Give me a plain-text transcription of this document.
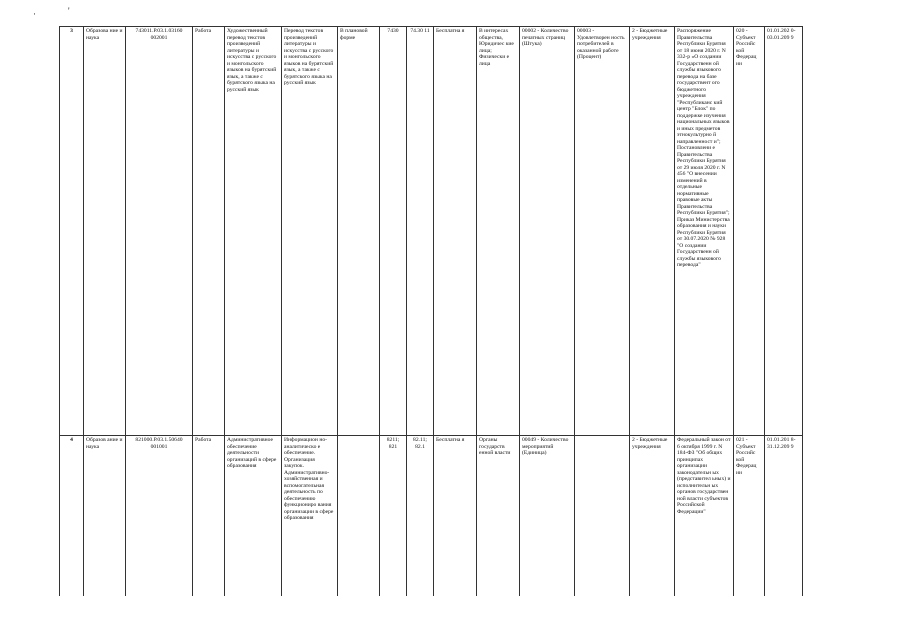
·	'
3	Образова ние и наука	743011.Р.03.1.03160 002001	Работа	Художественный перевод текстов произведений литературы и искусства с русского и монгольского языков на бурятский язык, а также с бурятского языка на русский язык	Перевод текстов произведений литературы и искусства с русского и монгольского языков на бурятский язык, а также с бурятского языка на русский язык	В плановой форме	7430	74.30 11	Бесплатна я	В интересах общества, Юридичес кие лица; Физически е лица	00002 - Количество печатных страниц (Штука)	00003 - Удовлетворен ность потребителей в оказанной работе (Процент)	2 - Бюджетные учреждения	Распоряжение Правительства Республики Бурятия от 18 июня 2020 г. N 332-р «О создании Государственн ой службы языкового перевода на базе государствент ого бюджетного учреждения "Республиканс кий центр "Блок" по поддержке изучения национальных языков и иных предметов этнокультурно й направленност и"; Постановлени е Правительства Республики Бурятия от 29 июля 2020 г. N 456 "О внесении изменений в отдельные нормативные правовые акты Правительства Республики Бурятия"; Приказ Министерства образования и науки Республики Бурятия от 30.07.2020 № 928 "О создании Государственн ой службы языкового перевода"	020 - Субъект Российс кой Федерац ии	01.01.202 0- 03.01.209 9
4	Образов ание и наука	821000.Р.03.1.50640 001001	Работа	Административное обеспечение деятельности организаций в сфере образования	Информацион но-аналитическо е обеспечение. Организация закупок. Административно-хозяйственная и вспомогательная деятельность по обеспечению функциониро вания организации в сфере образования		8211; 821	82.11; 82.1	Бесплатна я	Органы государств енной власти	00049 - Количество мероприятий (Единица)		2 - Бюджетные учреждения	Федеральный закон от 6 октября 1999 г. N 184-ФЗ "Об общих принципах организации законодательн ых (представител ьных) и исполнительн ых органов государствен ной власти субъектов Российской Федерации"	021 - Субъект Российс кой Федерац ии	01.01.201 8- 31.12.209 9
